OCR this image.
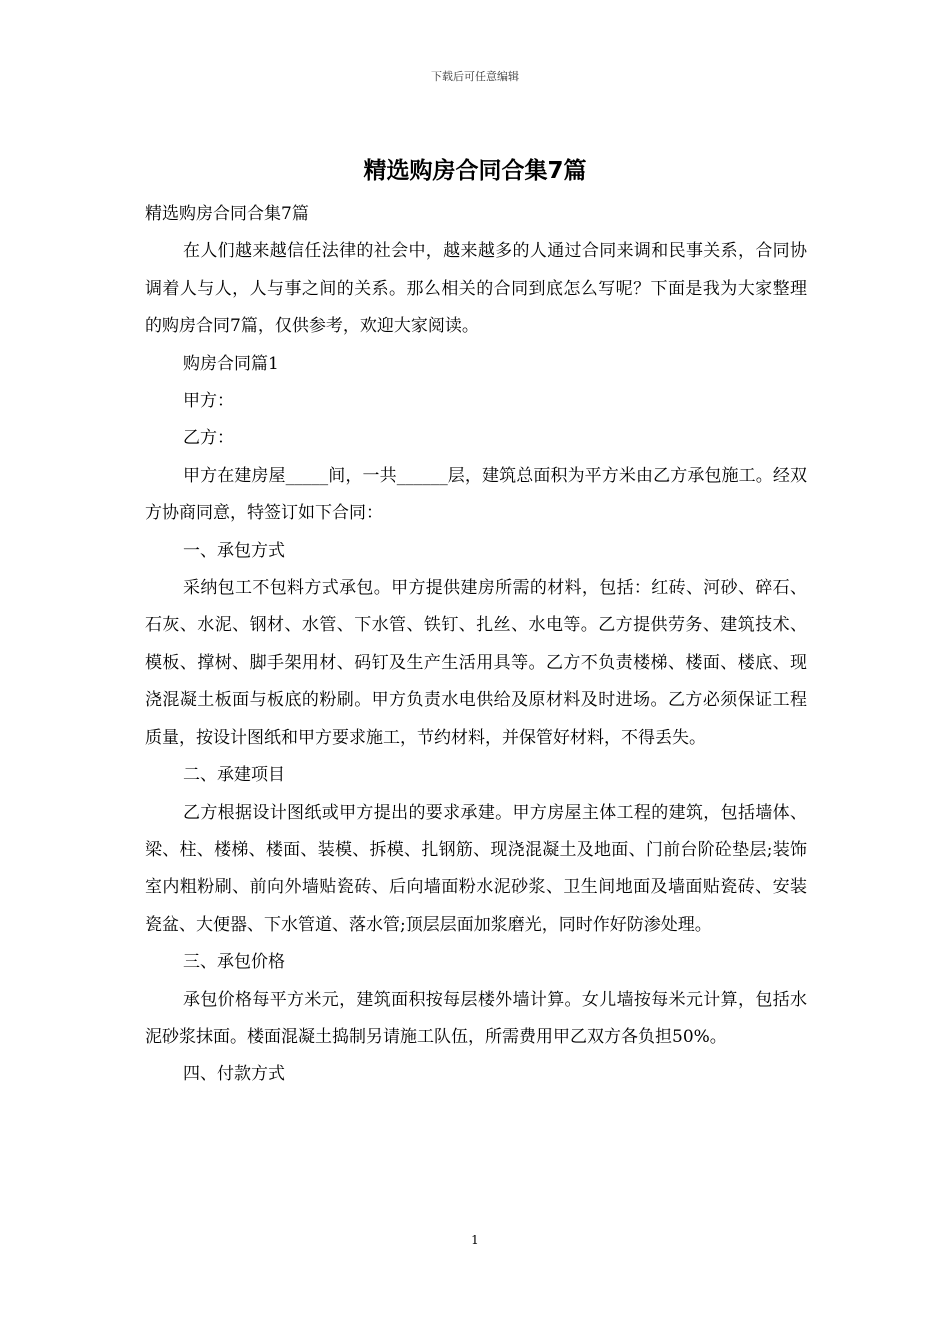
下载后可任意编辑
精选购房合同合集7篇

精选购房合同合集7篇

在人们越来越信任法律的社会中，越来越多的人通过合同来调和民事关系，合同协调着人与人，人与事之间的关系。那么相关的合同到底怎么写呢？下面是我为大家整理的购房合同7篇，仅供参考，欢迎大家阅读。

购房合同篇1

甲方：

乙方：

甲方在建房屋_____间，一共______层，建筑总面积为平方米由乙方承包施工。经双方协商同意，特签订如下合同：

一、承包方式

采纳包工不包料方式承包。甲方提供建房所需的材料，包括：红砖、河砂、碎石、石灰、水泥、钢材、水管、下水管、铁钉、扎丝、水电等。乙方提供劳务、建筑技术、模板、撑树、脚手架用材、码钉及生产生活用具等。乙方不负责楼梯、楼面、楼底、现浇混凝土板面与板底的粉刷。甲方负责水电供给及原材料及时进场。乙方必须保证工程质量，按设计图纸和甲方要求施工，节约材料，并保管好材料，不得丢失。

二、承建项目

乙方根据设计图纸或甲方提出的要求承建。甲方房屋主体工程的建筑，包括墙体、梁、柱、楼梯、楼面、装模、拆模、扎钢筋、现浇混凝土及地面、门前台阶砼垫层;装饰室内粗粉刷、前向外墙贴瓷砖、后向墙面粉水泥砂浆、卫生间地面及墙面贴瓷砖、安装瓷盆、大便器、下水管道、落水管;顶层层面加浆磨光，同时作好防渗处理。

三、承包价格

承包价格每平方米元，建筑面积按每层楼外墙计算。女儿墙按每米元计算，包括水泥砂浆抹面。楼面混凝土捣制另请施工队伍，所需费用甲乙双方各负担50%。

四、付款方式

1
